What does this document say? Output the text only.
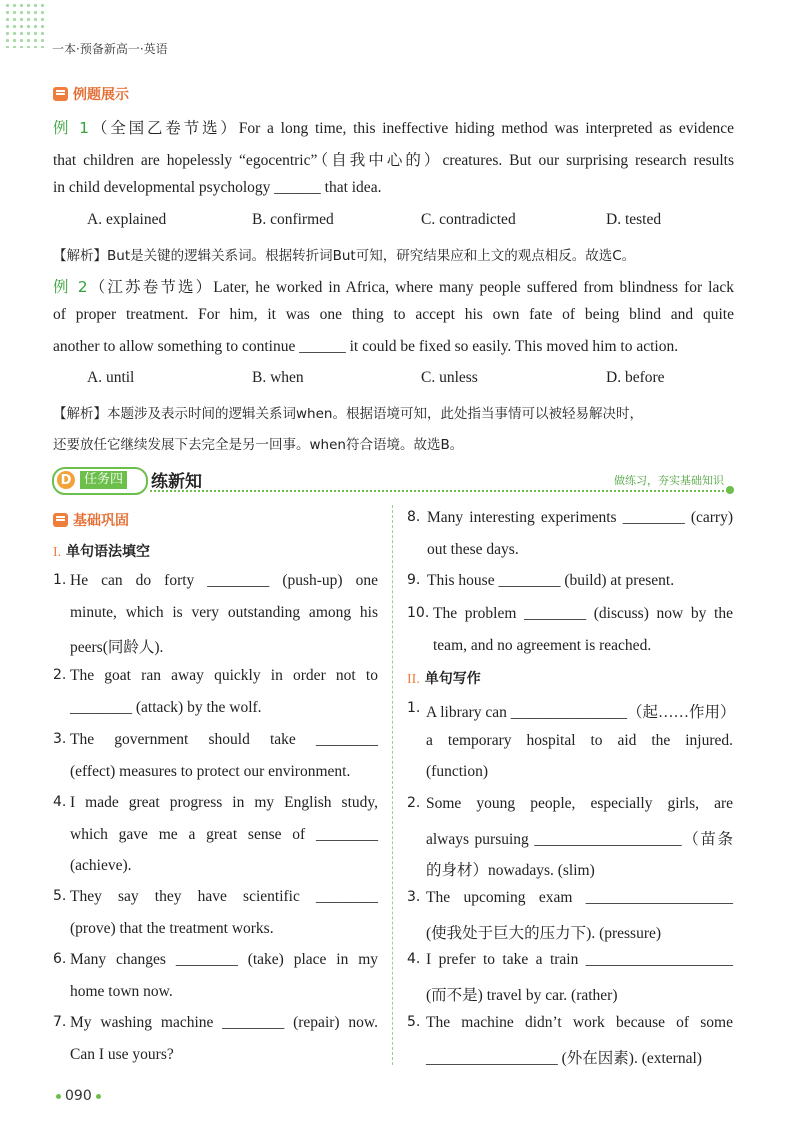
一本·预备新高一·英语
例题展示
例 1（全国乙卷节选）For a long time, this ineffective hiding method was interpreted as evidence
that children are hopelessly “egocentric”（自我中心的）creatures. But our surprising research results
in child developmental psychology ______ that idea.
A. explained	B. confirmed	C. contradicted	D. tested
【解析】But是关键的逻辑关系词。根据转折词But可知，研究结果应和上文的观点相反。故选C。
例 2（江苏卷节选）Later, he worked in Africa, where many people suffered from blindness for lack
of proper treatment. For him, it was one thing to accept his own fate of being blind and quite
another to allow something to continue ______ it could be fixed so easily. This moved him to action.
A. until	B. when	C. unless	D. before
【解析】本题涉及表示时间的逻辑关系词when。根据语境可知，此处指当事情可以被轻易解决时，
还要放任它继续发展下去完全是另一回事。when符合语境。故选B。
D 任务四 练新知	做练习，夯实基础知识
基础巩固
I. 单句语法填空
1. He can do forty ________ (push-up) one
minute, which is very outstanding among his
peers(同龄人).
2. The goat ran away quickly in order not to
________ (attack) by the wolf.
3. The government should take ________
(effect) measures to protect our environment.
4. I made great progress in my English study,
which gave me a great sense of ________
(achieve).
5. They say they have scientific ________
(prove) that the treatment works.
6. Many changes ________ (take) place in my
home town now.
7. My washing machine ________ (repair) now.
Can I use yours?
8. Many interesting experiments ________ (carry)
out these days.
9. This house ________ (build) at present.
10. The problem ________ (discuss) now by the
team, and no agreement is reached.
1. A library can _______________（起……作用）
a temporary hospital to aid the injured.
(function)
2. Some young people, especially girls, are
always pursuing ___________________（苗条
的身材）nowadays. (slim)
3. The upcoming exam ___________________
(使我处于巨大的压力下). (pressure)
4. I prefer to take a train ___________________
(而不是) travel by car. (rather)
5. The machine didn’t work because of some
_________________ (外在因素). (external)
II. 单句写作
090
